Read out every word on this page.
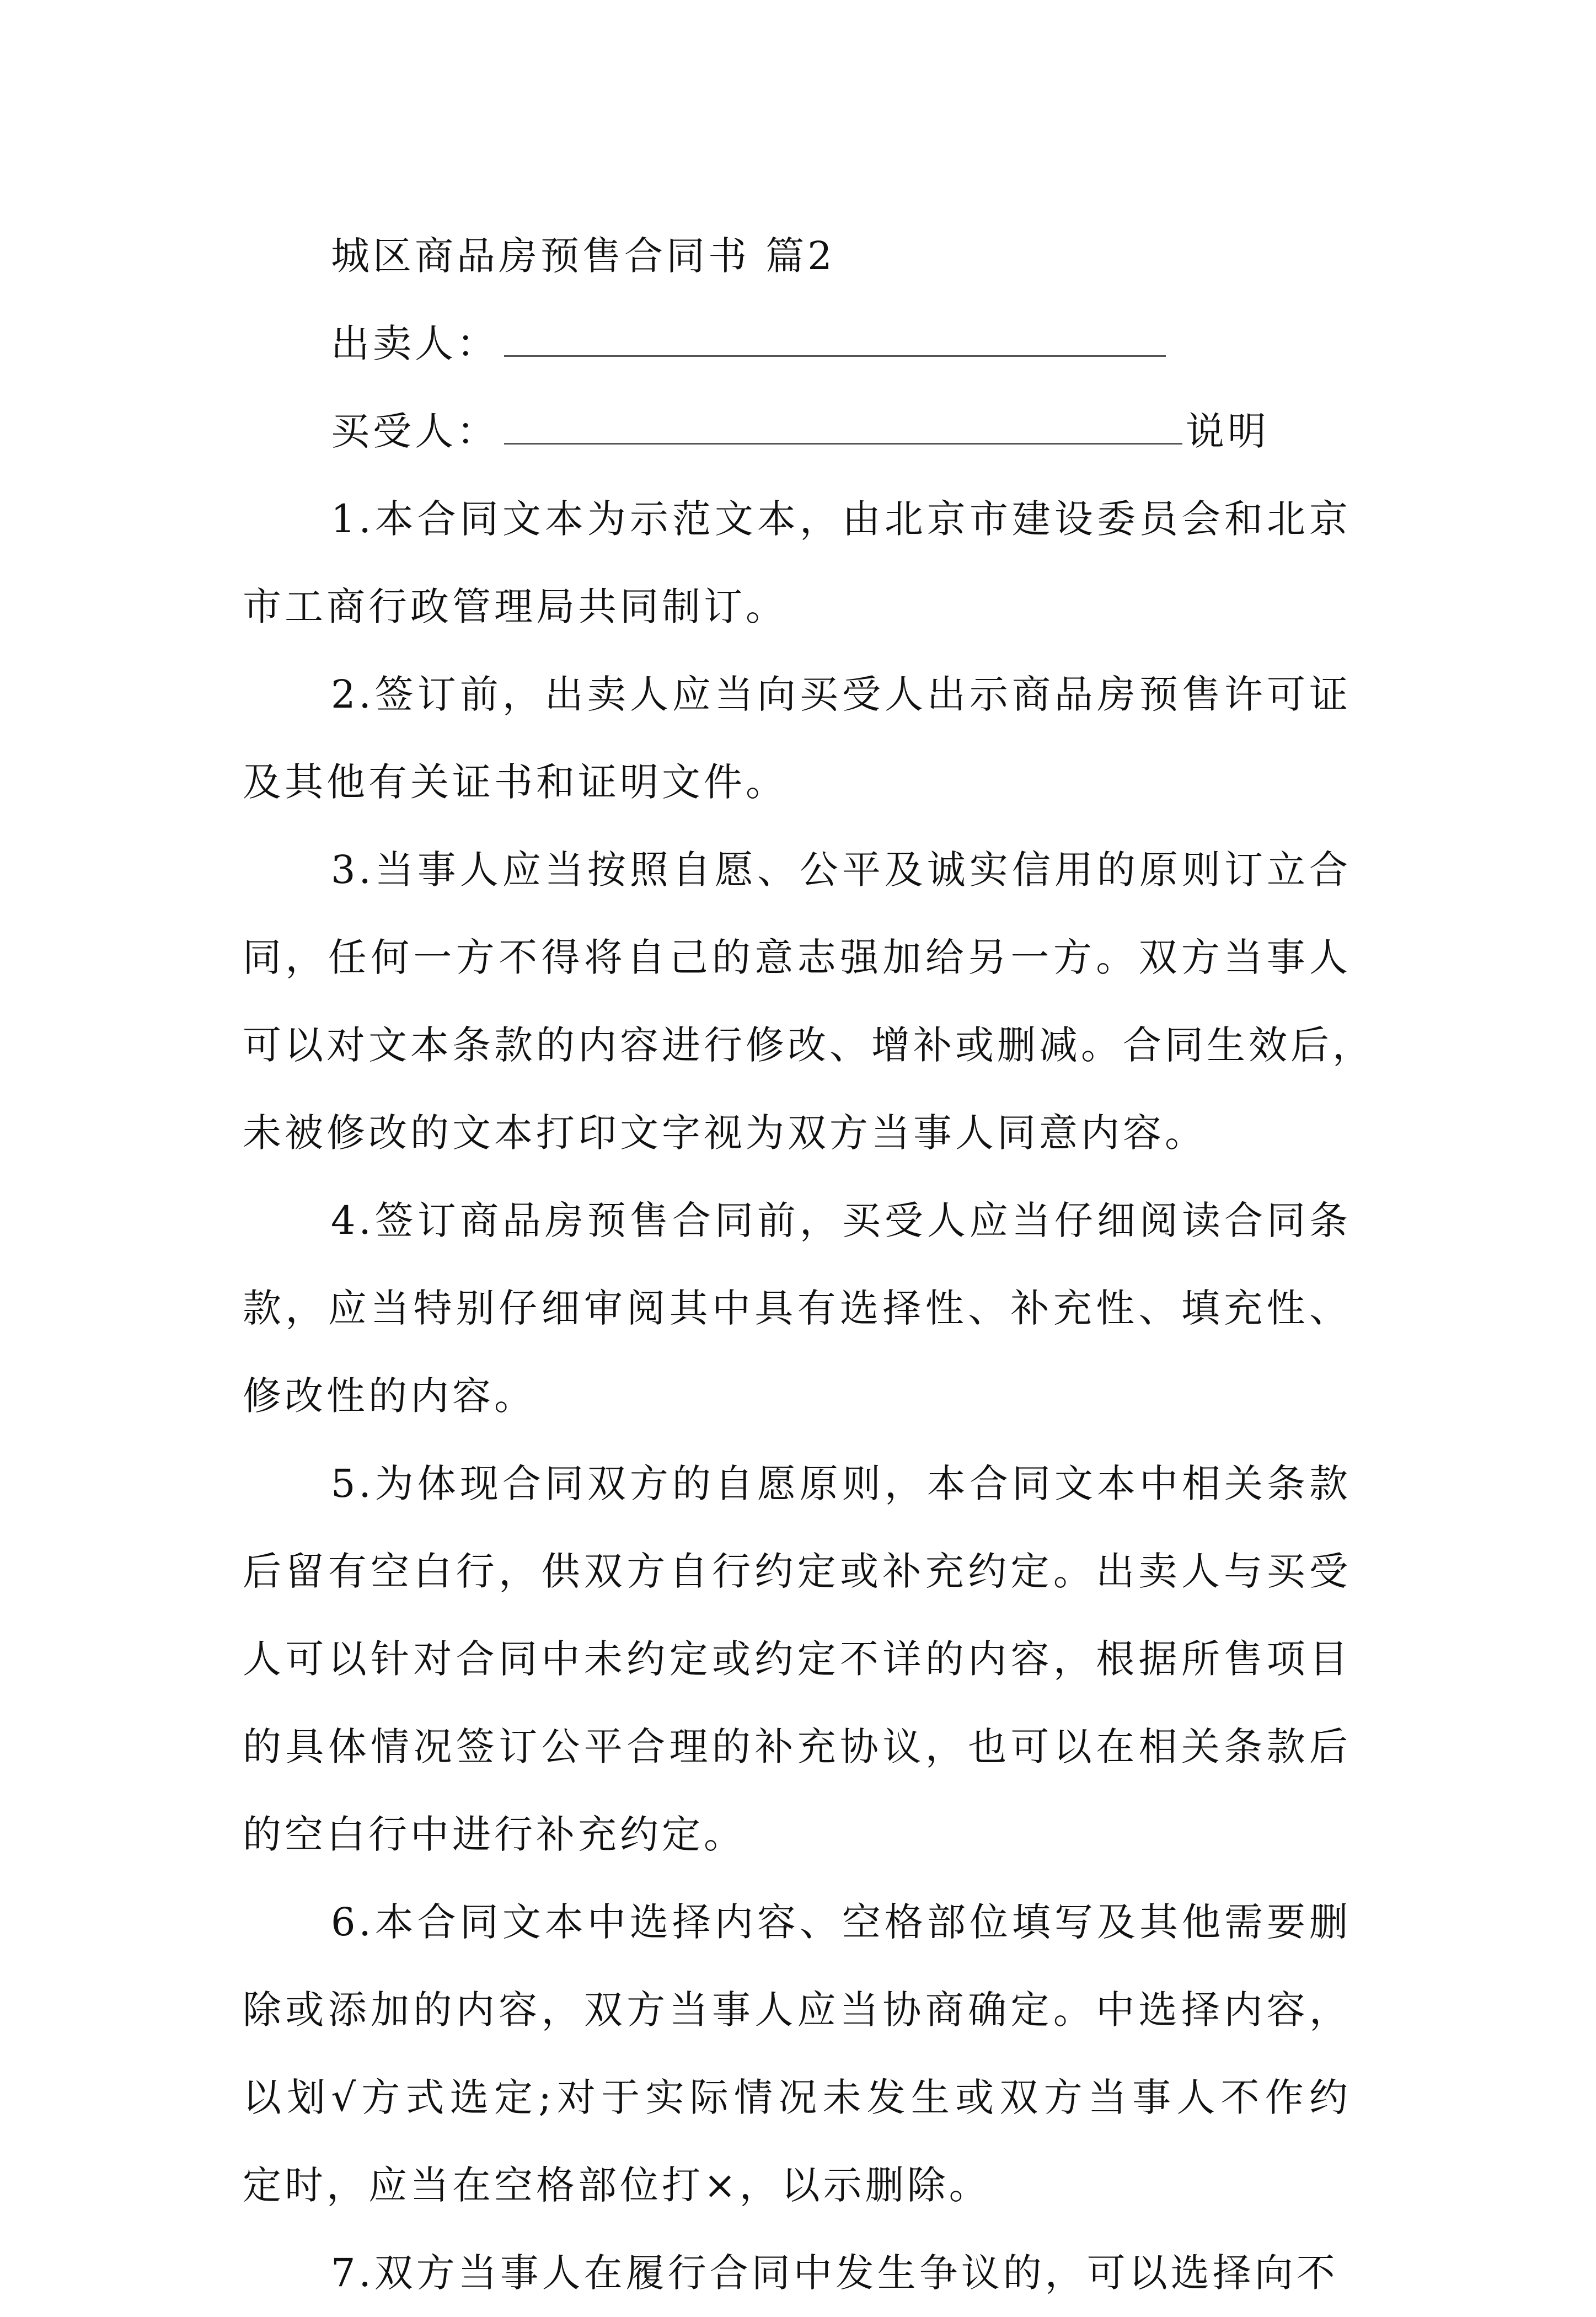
城区商品房预售合同书 篇2
出卖人：
买受人：	说明
1.本合同文本为示范文本，由北京市建设委员会和北京
市工商行政管理局共同制订。
2.签订前，出卖人应当向买受人出示商品房预售许可证
及其他有关证书和证明文件。
3.当事人应当按照自愿、公平及诚实信用的原则订立合
同，任何一方不得将自己的意志强加给另一方。双方当事人
可以对文本条款的内容进行修改、增补或删减。合同生效后，
未被修改的文本打印文字视为双方当事人同意内容。
4.签订商品房预售合同前，买受人应当仔细阅读合同条
款，应当特别仔细审阅其中具有选择性、补充性、填充性、
修改性的内容。
5.为体现合同双方的自愿原则，本合同文本中相关条款
后留有空白行，供双方自行约定或补充约定。出卖人与买受
人可以针对合同中未约定或约定不详的内容，根据所售项目
的具体情况签订公平合理的补充协议，也可以在相关条款后
的空白行中进行补充约定。
6.本合同文本中选择内容、空格部位填写及其他需要删
除或添加的内容，双方当事人应当协商确定。中选择内容，
以划√方式选定;对于实际情况未发生或双方当事人不作约
定时，应当在空格部位打×，以示删除。
7.双方当事人在履行合同中发生争议的，可以选择向不
